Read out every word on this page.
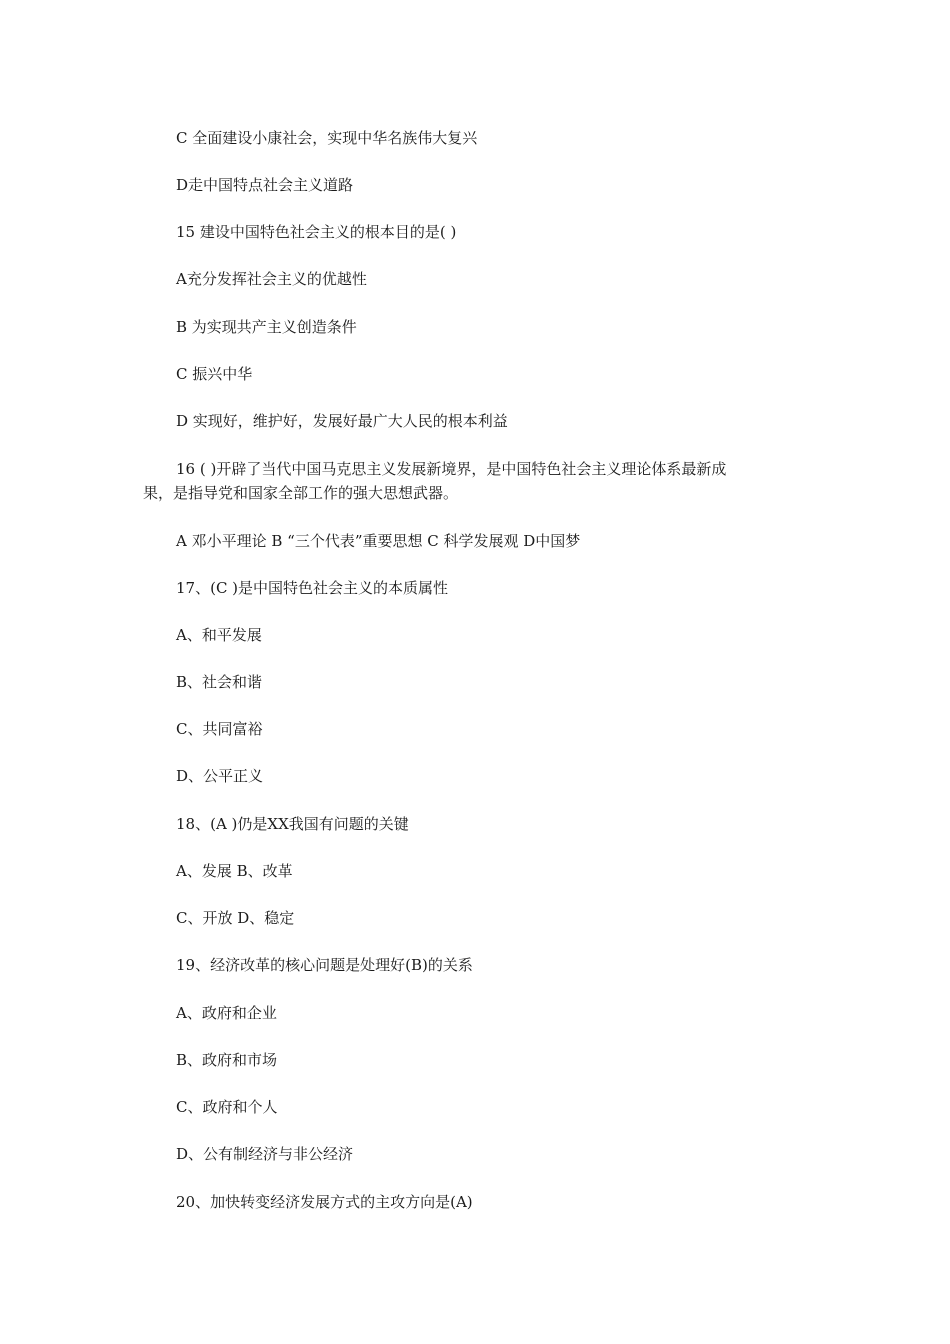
C 全面建设小康社会，实现中华名族伟大复兴
D走中国特点社会主义道路
15 建设中国特色社会主义的根本目的是( )
A充分发挥社会主义的优越性
B 为实现共产主义创造条件
C 振兴中华
D 实现好，维护好，发展好最广大人民的根本利益
16 ( )开辟了当代中国马克思主义发展新境界，是中国特色社会主义理论体系最新成
果，是指导党和国家全部工作的强大思想武器。
A 邓小平理论 B “三个代表”重要思想 C 科学发展观 D中国梦
17、(C )是中国特色社会主义的本质属性
A、和平发展
B、社会和谐
C、共同富裕
D、公平正义
18、(A )仍是XX我国有问题的关键
A、发展 B、改革
C、开放 D、稳定
19、经济改革的核心问题是处理好(B)的关系
A、政府和企业
B、政府和市场
C、政府和个人
D、公有制经济与非公经济
20、加快转变经济发展方式的主攻方向是(A)
